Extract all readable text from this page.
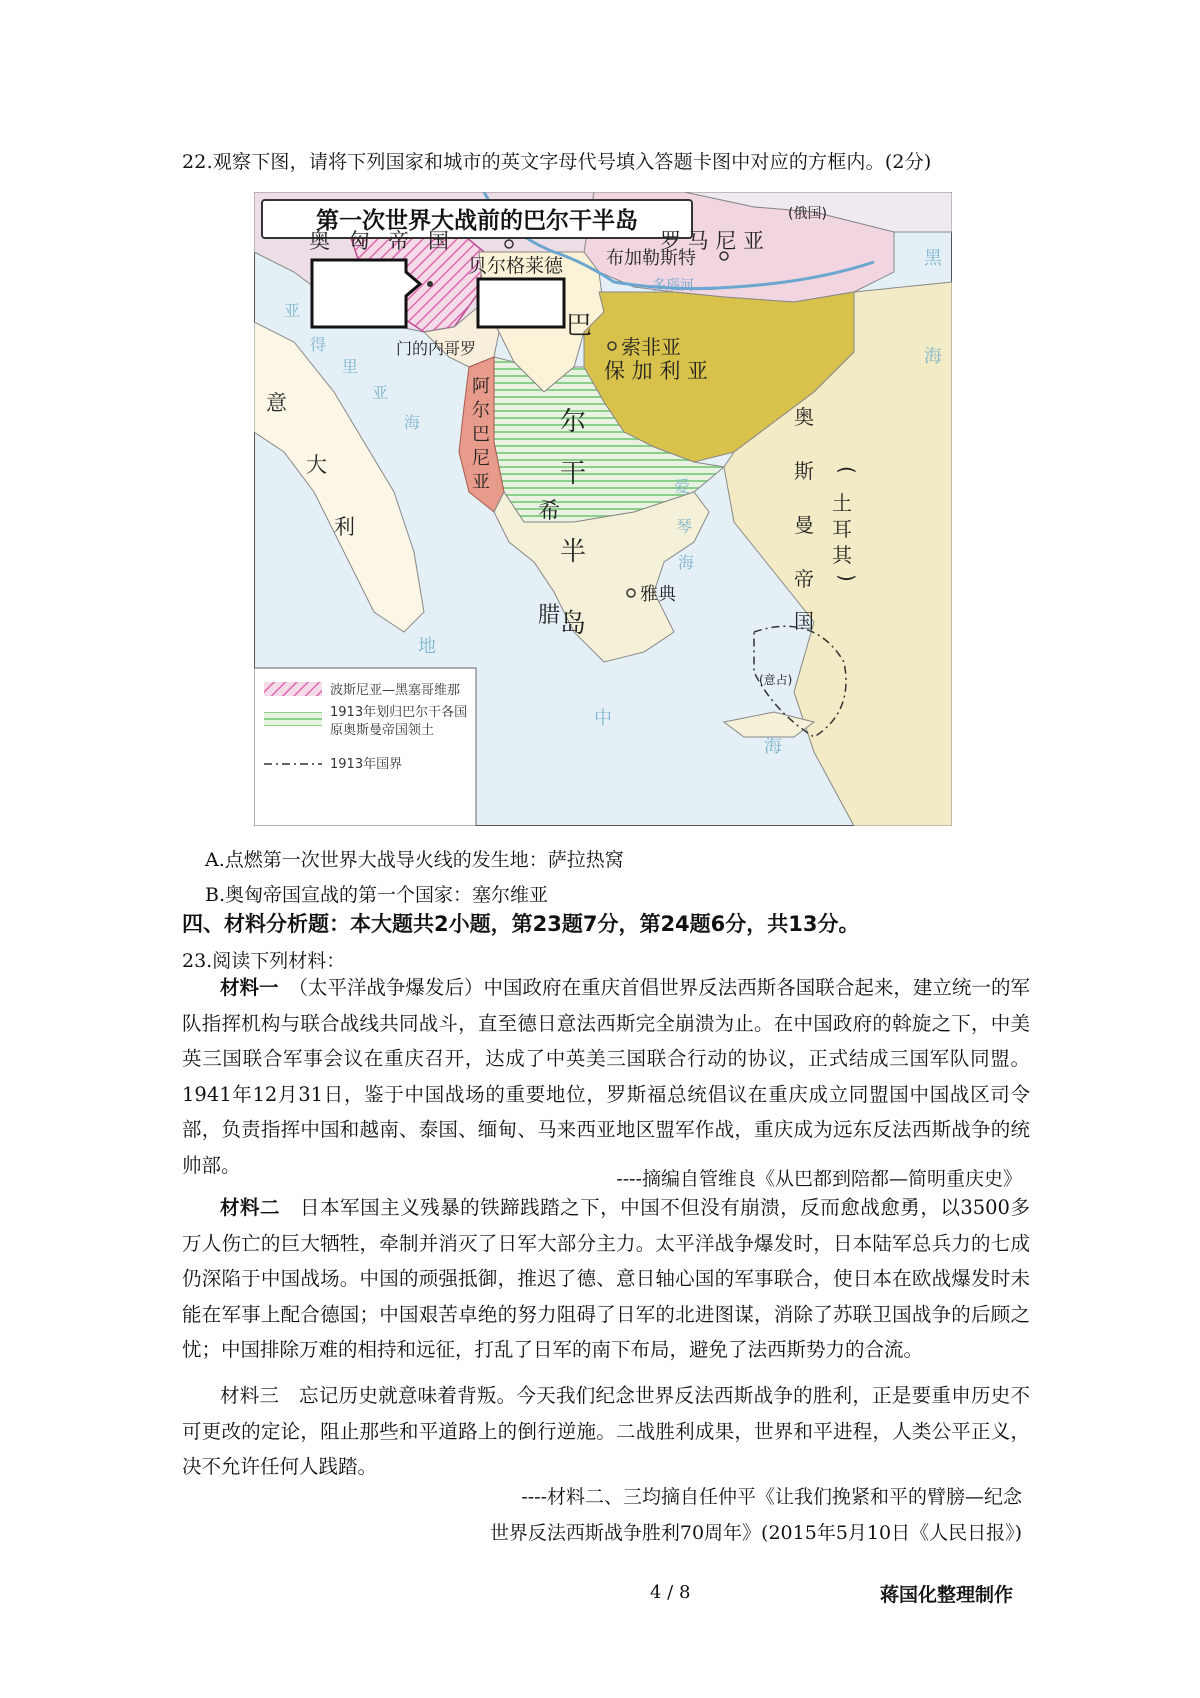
22.观察下图，请将下列国家和城市的英文字母代号填入答题卡图中对应的方框内。(2分)
第一次世界大战前的巴尔干半岛
奥 匈 帝 国
(俄国)
罗 马 尼 亚
贝尔格莱德 布加勒斯特
门的内哥罗	索非亚
保 加 利 亚
阿
尔
巴
尼
亚
巴
尔
干
半
岛
希
腊
雅典
意
大
利
奥
斯
曼
帝
国
(
土
耳
其
)
黑
海
亚
得
里
亚
海
爱
琴
海
地
中
海
多瑙河
(意占)
波斯尼亚—黑塞哥维那
1913年划归巴尔干各国
原奥斯曼帝国领土
1913年国界
A.点燃第一次世界大战导火线的发生地：萨拉热窝
B.奥匈帝国宣战的第一个国家：塞尔维亚
四、材料分析题：本大题共2小题，第23题7分，第24题6分，共13分。
23.阅读下列材料：
材料一　（太平洋战争爆发后）中国政府在重庆首倡世界反法西斯各国联合起来，建立统一的军队指挥机构与联合战线共同战斗，直至德日意法西斯完全崩溃为止。在中国政府的斡旋之下，中美英三国联合军事会议在重庆召开，达成了中英美三国联合行动的协议，正式结成三国军队同盟。1941年12月31日，鉴于中国战场的重要地位，罗斯福总统倡议在重庆成立同盟国中国战区司令部，负责指挥中国和越南、泰国、缅甸、马来西亚地区盟军作战，重庆成为远东反法西斯战争的统帅部。
----摘编自管维良《从巴都到陪都—简明重庆史》
材料二　日本军国主义残暴的铁蹄践踏之下，中国不但没有崩溃，反而愈战愈勇，以3500多万人伤亡的巨大牺牲，牵制并消灭了日军大部分主力。太平洋战争爆发时，日本陆军总兵力的七成仍深陷于中国战场。中国的顽强抵御，推迟了德、意日轴心国的军事联合，使日本在欧战爆发时未能在军事上配合德国；中国艰苦卓绝的努力阻碍了日军的北进图谋，消除了苏联卫国战争的后顾之忧；中国排除万难的相持和远征，打乱了日军的南下布局，避免了法西斯势力的合流。
材料三　忘记历史就意味着背叛。今天我们纪念世界反法西斯战争的胜利，正是要重申历史不可更改的定论，阻止那些和平道路上的倒行逆施。二战胜利成果，世界和平进程，人类公平正义，决不允许任何人践踏。
----材料二、三均摘自任仲平《让我们挽紧和平的臂膀—纪念
世界反法西斯战争胜利70周年》(2015年5月10日《人民日报》)
4 / 8	蒋国化整理制作
